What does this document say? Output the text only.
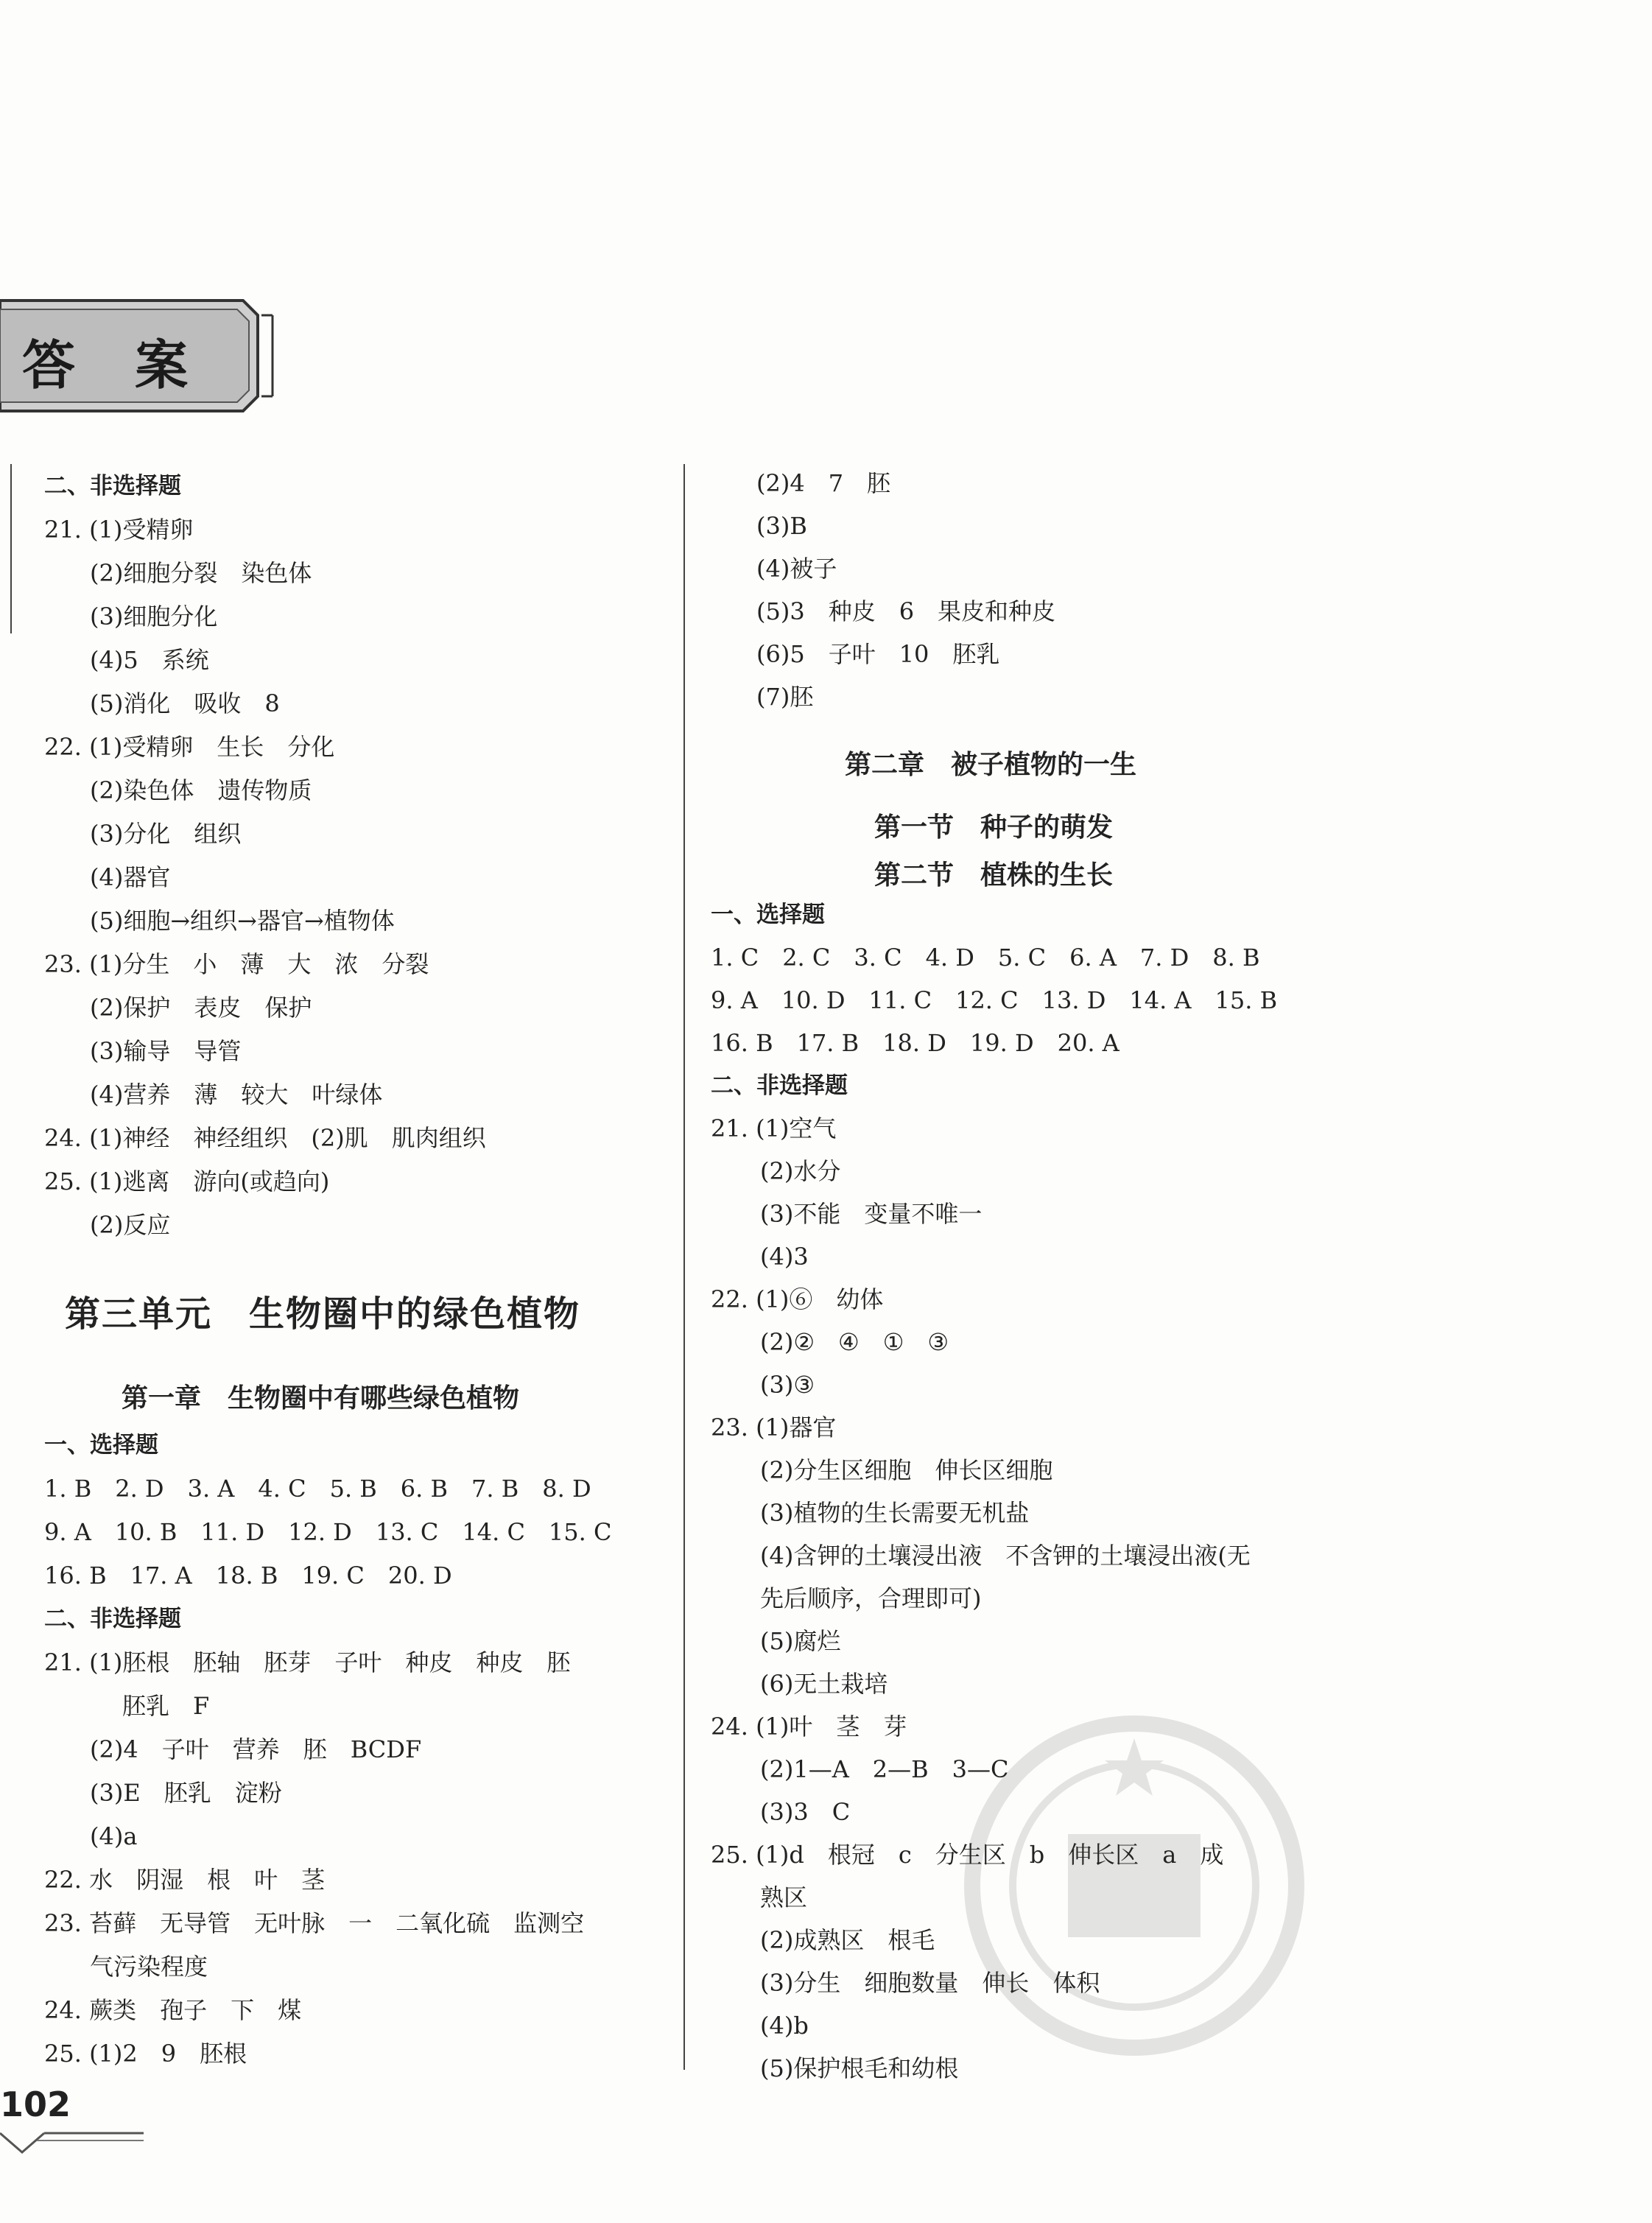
答 案
二、非选择题
21. (1)受精卵
(2)细胞分裂　染色体
(3)细胞分化
(4)5　系统
(5)消化　吸收　8
22. (1)受精卵　生长　分化
(2)染色体　遗传物质
(3)分化　组织
(4)器官
(5)细胞→组织→器官→植物体
23. (1)分生　小　薄　大　浓　分裂
(2)保护　表皮　保护
(3)输导　导管
(4)营养　薄　较大　叶绿体
24. (1)神经　神经组织　(2)肌　肌肉组织
25. (1)逃离　游向(或趋向)
(2)反应
第三单元　生物圈中的绿色植物
第一章　生物圈中有哪些绿色植物
一、选择题
1. B　2. D　3. A　4. C　5. B　6. B　7. B　8. D
9. A　10. B　11. D　12. D　13. C　14. C　15. C
16. B　17. A　18. B　19. C　20. D
二、非选择题
21. (1)胚根　胚轴　胚芽　子叶　种皮　种皮　胚
胚乳　F
(2)4　子叶　营养　胚　BCDF
(3)E　胚乳　淀粉
(4)a
22. 水　阴湿　根　叶　茎
23. 苔藓　无导管　无叶脉　一　二氧化硫　监测空
气污染程度
24. 蕨类　孢子　下　煤
25. (1)2　9　胚根
(2)4　7　胚
(3)B
(4)被子
(5)3　种皮　6　果皮和种皮
(6)5　子叶　10　胚乳
(7)胚
第二章　被子植物的一生
第一节　种子的萌发
第二节　植株的生长
一、选择题
1. C　2. C　3. C　4. D　5. C　6. A　7. D　8. B
9. A　10. D　11. C　12. C　13. D　14. A　15. B
16. B　17. B　18. D　19. D　20. A
二、非选择题
21. (1)空气
(2)水分
(3)不能　变量不唯一
(4)3
22. (1)⑥　幼体
(2)②　④　①　③
(3)③
23. (1)器官
(2)分生区细胞　伸长区细胞
(3)植物的生长需要无机盐
(4)含钾的土壤浸出液　不含钾的土壤浸出液(无
先后顺序，合理即可)
(5)腐烂
(6)无土栽培
24. (1)叶　茎　芽
(2)1—A　2—B　3—C
(3)3　C
25. (1)d　根冠　c　分生区　b　伸长区　a　成
熟区
(2)成熟区　根毛
(3)分生　细胞数量　伸长　体积
(4)b
(5)保护根毛和幼根
102
